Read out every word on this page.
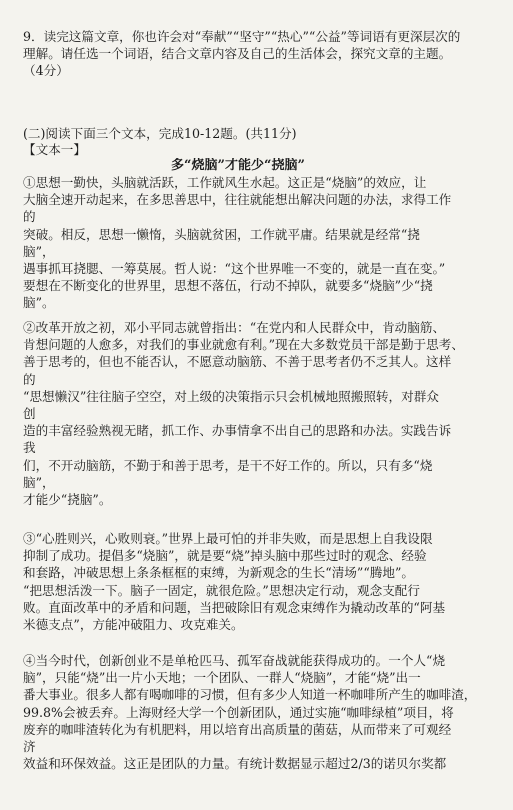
9．读完这篇文章，你也许会对“奉献”“坚守”“热心”“公益”等词语有更深层次的
理解。请任选一个词语，结合文章内容及自己的生活体会，探究文章的主题。
（4分）
(二)阅读下面三个文本，完成10-12题。(共11分)
【文本一】
多“烧脑”才能少“挠脑”
①思想一勤快，头脑就活跃，工作就风生水起。这正是“烧脑”的效应，让
大脑全速开动起来，在多思善思中，往往就能想出解决问题的办法，求得工作
的
突破。相反，思想一懒惰，头脑就贫困，工作就平庸。结果就是经常“挠
脑”，
遇事抓耳挠腮、一筹莫展。哲人说：“这个世界唯一不变的，就是一直在变。”
要想在不断变化的世界里，思想不落伍，行动不掉队，就要多“烧脑”少“挠
脑”。
②改革开放之初，邓小平同志就曾指出：“在党内和人民群众中，肯动脑筋、
肯想问题的人愈多，对我们的事业就愈有利。”现在大多数党员干部是勤于思考、
善于思考的，但也不能否认，不愿意动脑筋、不善于思考者仍不乏其人。这样
的
“思想懒汉”往往脑子空空，对上级的决策指示只会机械地照搬照转，对群众
创
造的丰富经验熟视无睹，抓工作、办事情拿不出自己的思路和办法。实践告诉
我
们，不开动脑筋，不勤于和善于思考，是干不好工作的。所以，只有多“烧
脑”，
才能少“挠脑”。
③“心胜则兴，心败则衰。”世界上最可怕的并非失败，而是思想上自我设限
抑制了成功。提倡多“烧脑”，就是要“烧”掉头脑中那些过时的观念、经验
和套路，冲破思想上条条框框的束缚，为新观念的生长“清场”“腾地”。
“把思想活泼一下。脑子一固定，就很危险。”思想决定行动，观念支配行
败。直面改革中的矛盾和问题，当把破除旧有观念束缚作为撬动改革的“阿基
米德支点”，方能冲破阻力、攻克难关。
④当今时代，创新创业不是单枪匹马、孤军奋战就能获得成功的。一个人“烧
脑”，只能“烧”出一片小天地；一个团队、一群人“烧脑”，才能“烧”出一
番大事业。很多人都有喝咖啡的习惯，但有多少人知道一杯咖啡所产生的咖啡渣，
99.8%会被丢弃。上海财经大学一个创新团队，通过实施“咖啡绿植”项目，将
废弃的咖啡渣转化为有机肥料，用以培育出高质量的菌菇，从而带来了可观经
济
效益和环保效益。这正是团队的力量。有统计数据显示超过2/3的诺贝尔奖都
